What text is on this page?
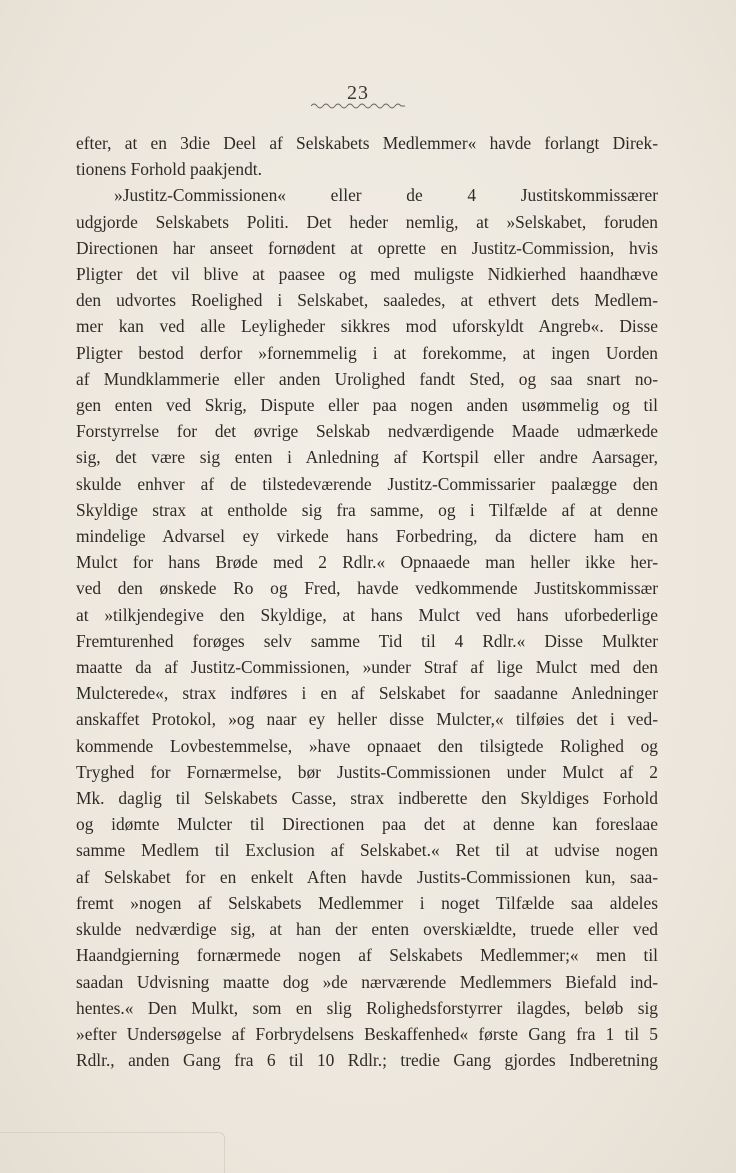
23
efter, at en 3die Deel af Selskabets Medlemmer« havde forlangt Direk-
tionens Forhold paakjendt.
»Justitz-Commissionen« eller de 4 Justitskommissærer
udgjorde Selskabets Politi. Det heder nemlig, at »Selskabet, foruden
Directionen har anseet fornødent at oprette en Justitz-Commission, hvis
Pligter det vil blive at paasee og med muligste Nidkierhed haandhæve
den udvortes Roelighed i Selskabet, saaledes, at ethvert dets Medlem-
mer kan ved alle Leyligheder sikkres mod uforskyldt Angreb«. Disse
Pligter bestod derfor »fornemmelig i at forekomme, at ingen Uorden
af Mundklammerie eller anden Urolighed fandt Sted, og saa snart no-
gen enten ved Skrig, Dispute eller paa nogen anden usømmelig og til
Forstyrrelse for det øvrige Selskab nedværdigende Maade udmærkede
sig, det være sig enten i Anledning af Kortspil eller andre Aarsager,
skulde enhver af de tilstedeværende Justitz-Commissarier paalægge den
Skyldige strax at entholde sig fra samme, og i Tilfælde af at denne
mindelige Advarsel ey virkede hans Forbedring, da dictere ham en
Mulct for hans Brøde med 2 Rdlr.« Opnaaede man heller ikke her-
ved den ønskede Ro og Fred, havde vedkommende Justitskommissær
at »tilkjendegive den Skyldige, at hans Mulct ved hans uforbederlige
Fremturenhed forøges selv samme Tid til 4 Rdlr.« Disse Mulkter
maatte da af Justitz-Commissionen, »under Straf af lige Mulct med den
Mulcterede«, strax indføres i en af Selskabet for saadanne Anledninger
anskaffet Protokol, »og naar ey heller disse Mulcter,« tilføies det i ved-
kommende Lovbestemmelse, »have opnaaet den tilsigtede Rolighed og
Tryghed for Fornærmelse, bør Justits-Commissionen under Mulct af 2
Mk. daglig til Selskabets Casse, strax indberette den Skyldiges Forhold
og idømte Mulcter til Directionen paa det at denne kan foreslaae
samme Medlem til Exclusion af Selskabet.« Ret til at udvise nogen
af Selskabet for en enkelt Aften havde Justits-Commissionen kun, saa-
fremt »nogen af Selskabets Medlemmer i noget Tilfælde saa aldeles
skulde nedværdige sig, at han der enten overskiældte, truede eller ved
Haandgierning fornærmede nogen af Selskabets Medlemmer;« men til
saadan Udvisning maatte dog »de nærværende Medlemmers Biefald ind-
hentes.« Den Mulkt, som en slig Rolighedsforstyrrer ilagdes, beløb sig
»efter Undersøgelse af Forbrydelsens Beskaffenhed« første Gang fra 1 til 5
Rdlr., anden Gang fra 6 til 10 Rdlr.; tredie Gang gjordes Indberetning
